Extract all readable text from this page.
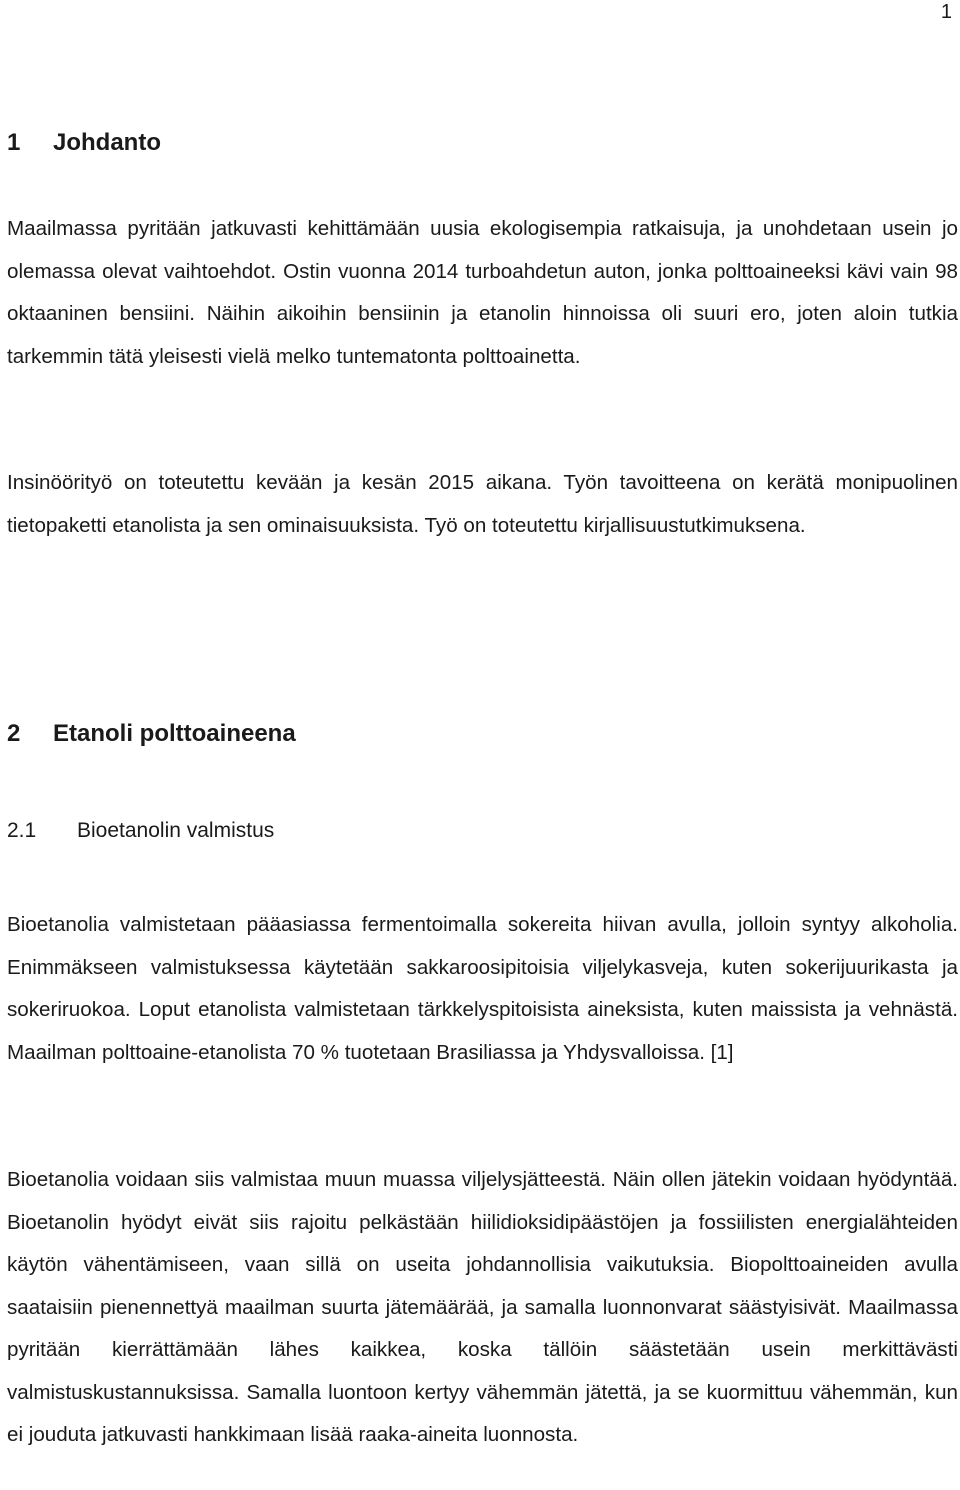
1

1 Johdanto

Maailmassa pyritään jatkuvasti kehittämään uusia ekologisempia ratkaisuja, ja unohdetaan usein jo olemassa olevat vaihtoehdot. Ostin vuonna 2014 turboahdetun auton, jonka polttoaineeksi kävi vain 98 oktaaninen bensiini. Näihin aikoihin bensiinin ja etanolin hinnoissa oli suuri ero, joten aloin tutkia tarkemmin tätä yleisesti vielä melko tuntematonta polttoainetta.

Insinöörityö on toteutettu kevään ja kesän 2015 aikana. Työn tavoitteena on kerätä monipuolinen tietopaketti etanolista ja sen ominaisuuksista. Työ on toteutettu kirjallisuustutkimuksena.

2 Etanoli polttoaineena
2.1 Bioetanolin valmistus

Bioetanolia valmistetaan pääasiassa fermentoimalla sokereita hiivan avulla, jolloin syntyy alkoholia. Enimmäkseen valmistuksessa käytetään sakkaroosipitoisia viljelykasveja, kuten sokerijuurikasta ja sokeriruokoa. Loput etanolista valmistetaan tärkkelyspitoisista aineksista, kuten maissista ja vehnästä. Maailman polttoaine-etanolista 70 % tuotetaan Brasiliassa ja Yhdysvalloissa. [1]

Bioetanolia voidaan siis valmistaa muun muassa viljelysjätteestä. Näin ollen jätekin voidaan hyödyntää. Bioetanolin hyödyt eivät siis rajoitu pelkästään hiilidioksidipäästöjen ja fossiilisten energialähteiden käytön vähentämiseen, vaan sillä on useita johdannollisia vaikutuksia. Biopolttoaineiden avulla saataisiin pienennettyä maailman suurta jätemäärää, ja samalla luonnonvarat säästyisivät. Maailmassa pyritään kierrättämään lähes kaikkea, koska tällöin säästetään usein merkittävästi valmistuskustannuksissa. Samalla luontoon kertyy vähemmän jätettä, ja se kuormittuu vähemmän, kun ei jouduta jatkuvasti hankkimaan lisää raaka-aineita luonnosta.
